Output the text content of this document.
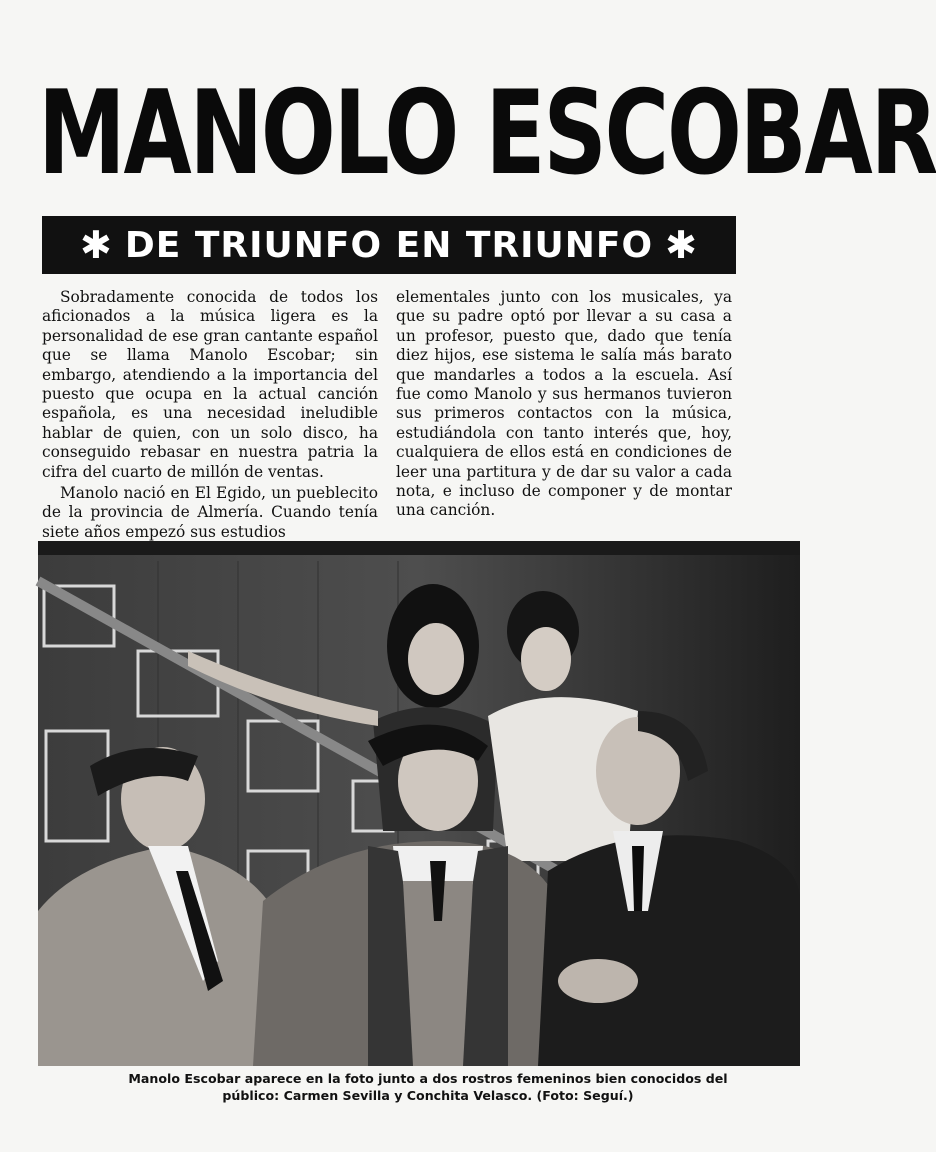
MANOLO ESCOBAR
✱ DE TRIUNFO EN TRIUNFO ✱

Sobradamente conocida de todos los aficionados a la música ligera es la personalidad de ese gran cantante español que se llama Manolo Escobar; sin embargo, atendiendo a la importancia del puesto que ocupa en la actual canción española, es una necesidad ineludible hablar de quien, con un solo disco, ha conseguido rebasar en nuestra patria la cifra del cuarto de millón de ventas.

Manolo nació en El Egido, un pueblecito de la provincia de Almería. Cuando tenía siete años empezó sus estudios

elementales junto con los musicales, ya que su padre optó por llevar a su casa a un profesor, puesto que, dado que tenía diez hijos, ese sistema le salía más barato que mandarles a todos a la escuela. Así fue como Manolo y sus hermanos tuvieron sus primeros contactos con la música, estudiándola con tanto interés que, hoy, cualquiera de ellos está en condiciones de leer una partitura y de dar su valor a cada nota, e incluso de componer y de montar una canción.

Manolo Escobar aparece en la foto junto a dos rostros femeninos bien conocidos del público: Carmen Sevilla y Conchita Velasco. (Foto: Seguí.)
